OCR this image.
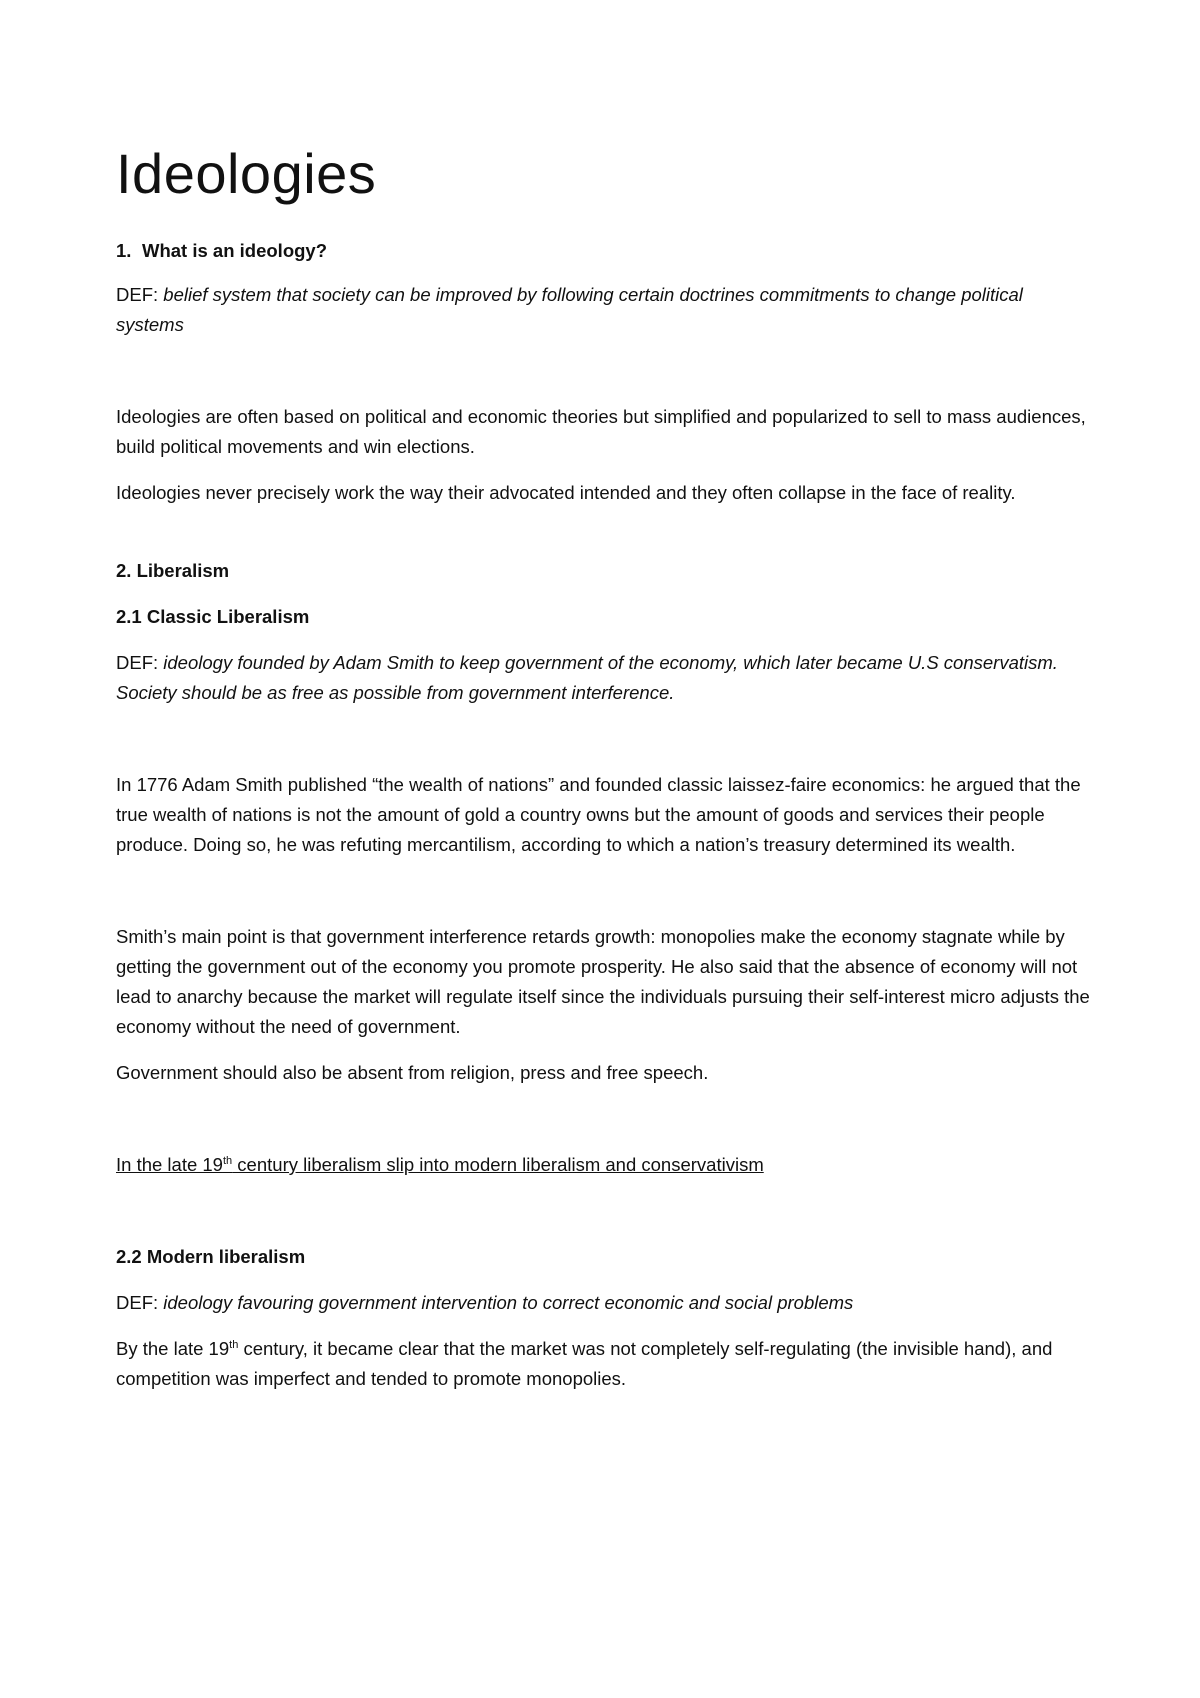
Ideologies

1. What is an ideology?

DEF: belief system that society can be improved by following certain doctrines commitments to change political systems

Ideologies are often based on political and economic theories but simplified and popularized to sell to mass audiences, build political movements and win elections.

Ideologies never precisely work the way their advocated intended and they often collapse in the face of reality.

2. Liberalism

2.1 Classic Liberalism

DEF: ideology founded by Adam Smith to keep government of the economy, which later became U.S conservatism. Society should be as free as possible from government interference.

In 1776 Adam Smith published “the wealth of nations” and founded classic laissez-faire economics: he argued that the true wealth of nations is not the amount of gold a country owns but the amount of goods and services their people produce. Doing so, he was refuting mercantilism, according to which a nation’s treasury determined its wealth.

Smith’s main point is that government interference retards growth: monopolies make the economy stagnate while by getting the government out of the economy you promote prosperity. He also said that the absence of economy will not lead to anarchy because the market will regulate itself since the individuals pursuing their self-interest micro adjusts the economy without the need of government.

Government should also be absent from religion, press and free speech.

In the late 19th century liberalism slip into modern liberalism and conservativism

2.2 Modern liberalism

DEF: ideology favouring government intervention to correct economic and social problems

By the late 19th century, it became clear that the market was not completely self-regulating (the invisible hand), and competition was imperfect and tended to promote monopolies.
